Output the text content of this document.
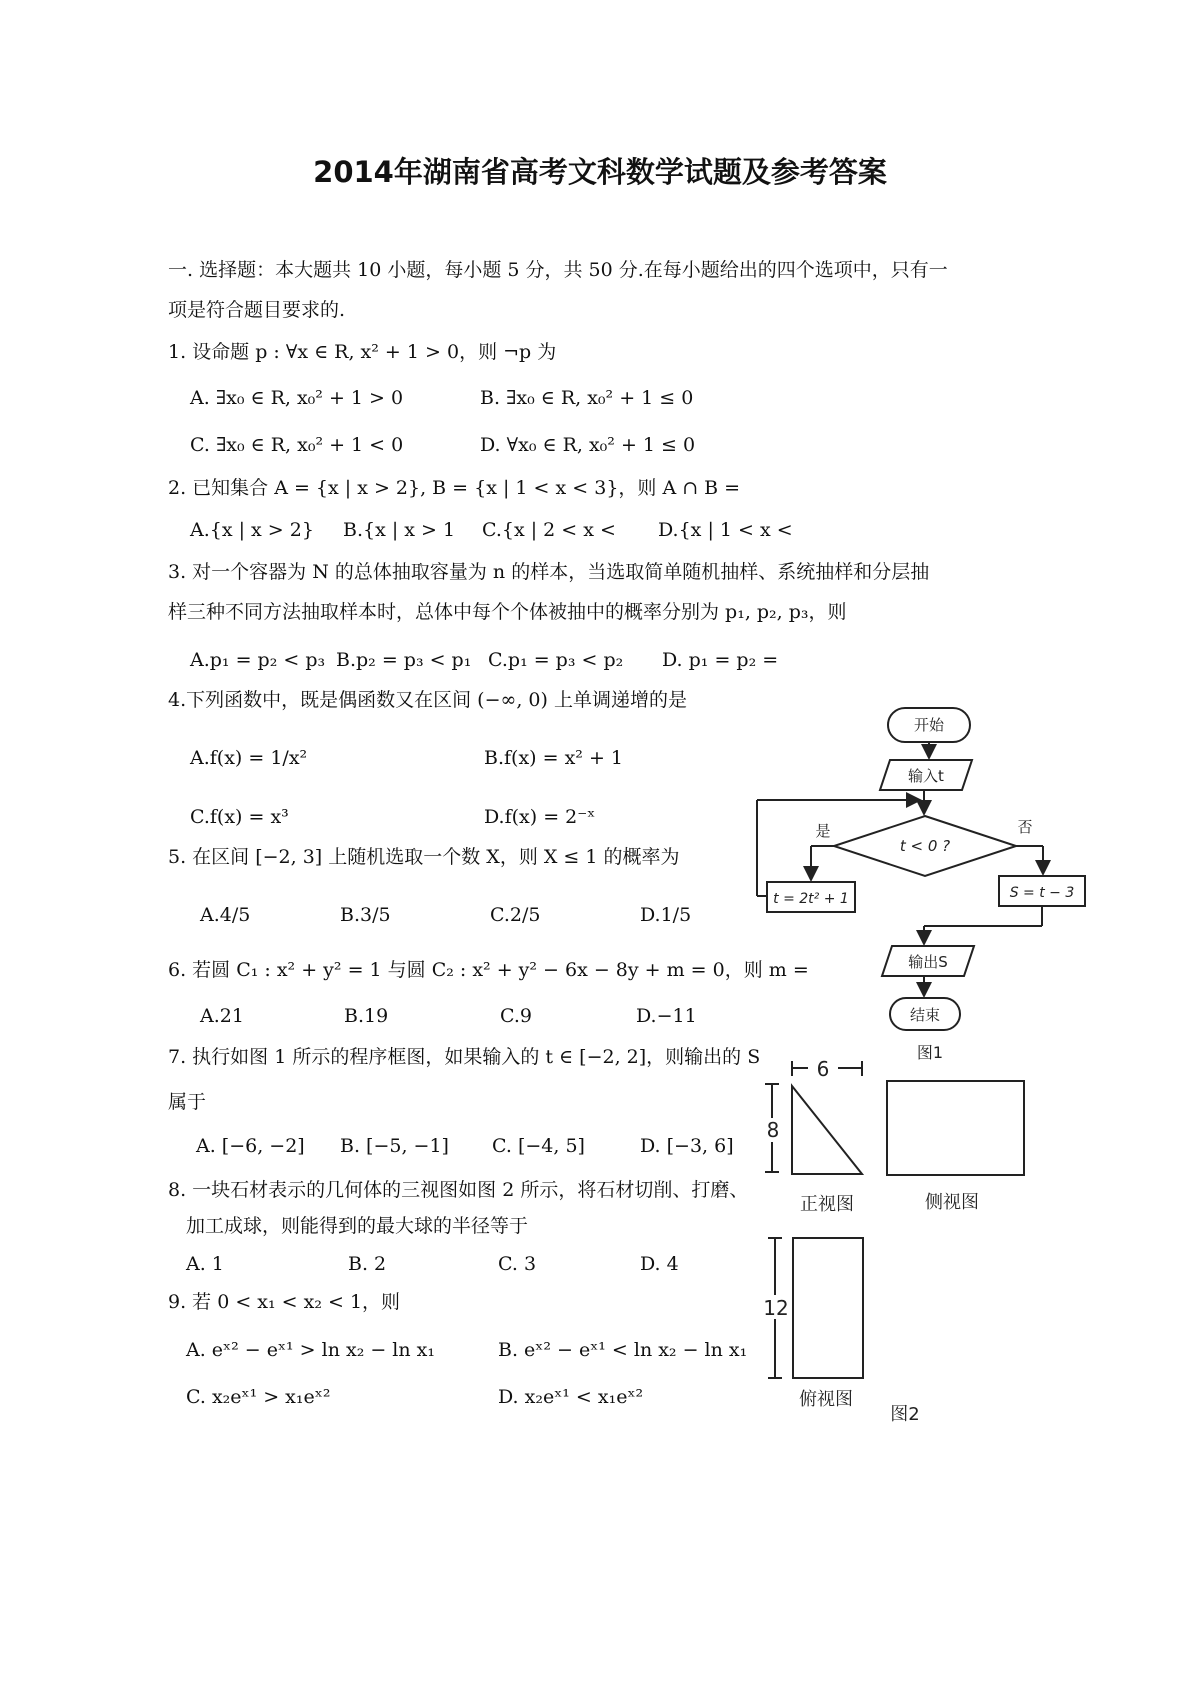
2014年湖南省高考文科数学试题及参考答案
一. 选择题：本大题共 10 小题，每小题 5 分，共 50 分.在每小题给出的四个选项中，只有一
项是符合题目要求的.
1. 设命题 p : ∀x ∈ R, x² + 1 > 0，则 ¬p 为
A. ∃x₀ ∈ R, x₀² + 1 > 0	B. ∃x₀ ∈ R, x₀² + 1 ≤ 0
C. ∃x₀ ∈ R, x₀² + 1 < 0	D. ∀x₀ ∈ R, x₀² + 1 ≤ 0
2. 已知集合 A = {x | x > 2}, B = {x | 1 < x < 3}，则 A ∩ B =
A.{x | x > 2} B.{x | x > 1 C.{x | 2 < x < D.{x | 1 < x <
3. 对一个容器为 N 的总体抽取容量为 n 的样本，当选取简单随机抽样、系统抽样和分层抽
样三种不同方法抽取样本时，总体中每个个体被抽中的概率分别为 p₁, p₂, p₃，则
A.p₁ = p₂ < p₃ B.p₂ = p₃ < p₁ C.p₁ = p₃ < p₂ D. p₁ = p₂ =
4.下列函数中，既是偶函数又在区间 (−∞, 0) 上单调递增的是
A.f(x) = 1/x²	B.f(x) = x² + 1
C.f(x) = x³	D.f(x) = 2⁻ˣ
5. 在区间 [−2, 3] 上随机选取一个数 X，则 X ≤ 1 的概率为
A.4/5	B.3/5	C.2/5	D.1/5
6. 若圆 C₁ : x² + y² = 1 与圆 C₂ : x² + y² − 6x − 8y + m = 0，则 m =
A.21	B.19	C.9	D.−11
7. 执行如图 1 所示的程序框图，如果输入的 t ∈ [−2, 2]，则输出的 S
属于
A. [−6, −2] B. [−5, −1] C. [−4, 5]	D. [−3, 6]
8. 一块石材表示的几何体的三视图如图 2 所示，将石材切削、打磨、
加工成球，则能得到的最大球的半径等于
A. 1	B. 2	C. 3	D. 4
9. 若 0 < x₁ < x₂ < 1，则
A. eˣ² − eˣ¹ > ln x₂ − ln x₁	B. eˣ² − eˣ¹ < ln x₂ − ln x₁
C. x₂eˣ¹ > x₁eˣ²	D. x₂eˣ¹ < x₁eˣ²
开始
输入t
t < 0 ?
是	否
t = 2t² + 1	S = t − 3
输出S
结束
图1
6
8
12
正视图	侧视图
俯视图
图2
